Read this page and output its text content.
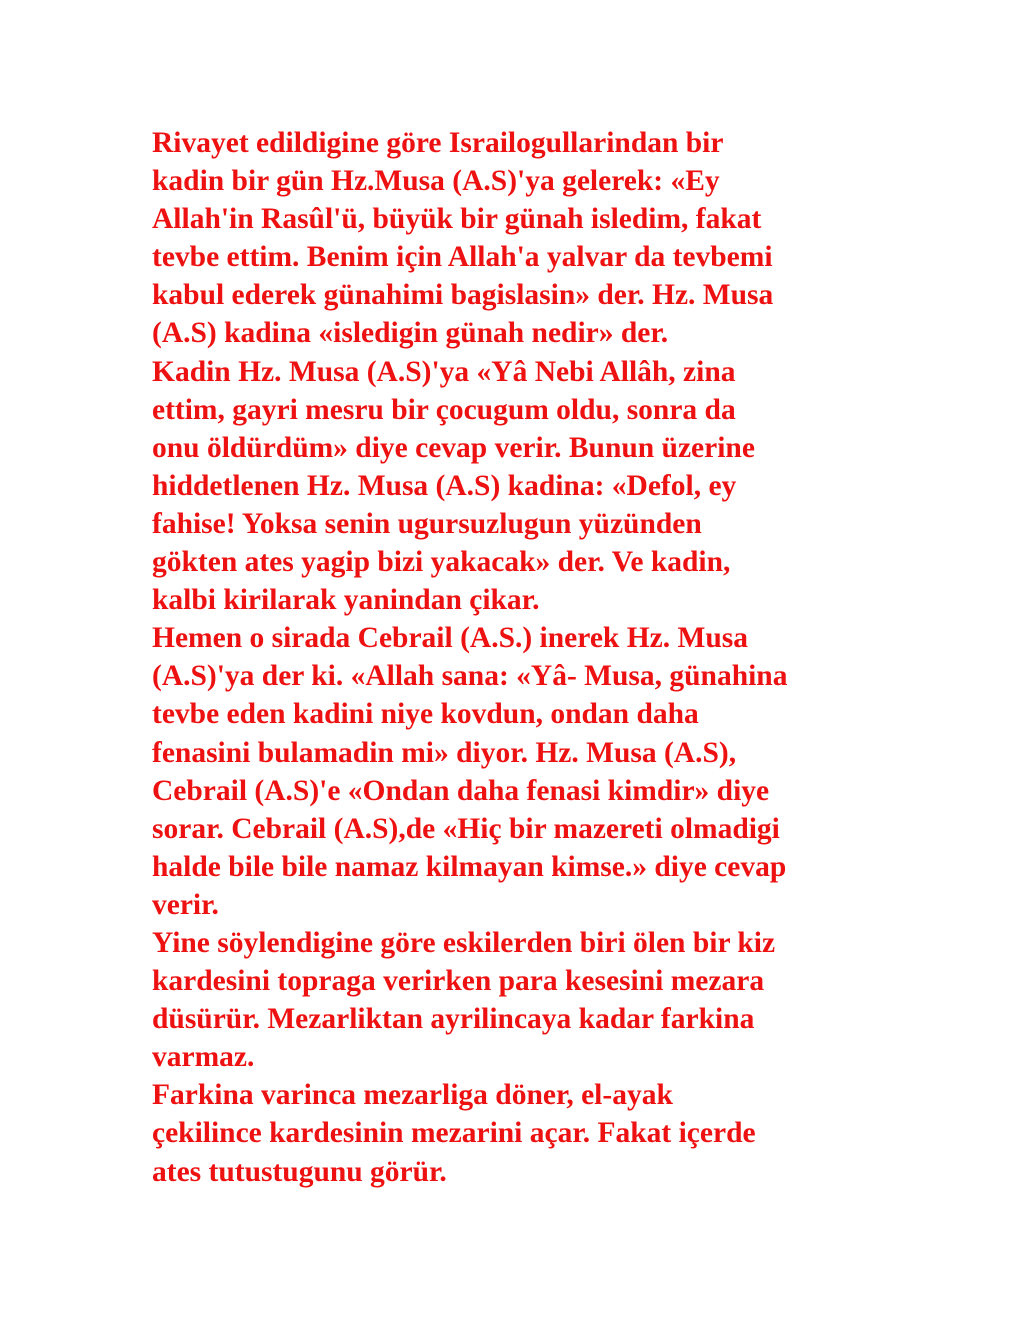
Rivayet edildigine göre Israilogullarindan bir
kadin bir gün Hz.Musa (A.S)'ya gelerek: «Ey
Allah'in Rasûl'ü, büyük bir günah isledim, fakat
tevbe ettim. Benim için Allah'a yalvar da tevbemi
kabul ederek günahimi bagislasin» der. Hz. Musa
(A.S) kadina «isledigin günah nedir» der.
Kadin Hz. Musa (A.S)'ya «Yâ Nebi Allâh, zina
ettim, gayri mesru bir çocugum oldu, sonra da
onu öldürdüm» diye cevap verir. Bunun üzerine
hiddetlenen Hz. Musa (A.S) kadina: «Defol, ey
fahise! Yoksa senin ugursuzlugun yüzünden
gökten ates yagip bizi yakacak» der. Ve kadin,
kalbi kirilarak yanindan çikar.
Hemen o sirada Cebrail (A.S.) inerek Hz. Musa
(A.S)'ya der ki. «Allah sana: «Yâ- Musa, günahina
tevbe eden kadini niye kovdun, ondan daha
fenasini bulamadin mi» diyor. Hz. Musa (A.S),
Cebrail (A.S)'e «Ondan daha fenasi kimdir» diye
sorar. Cebrail (A.S),de «Hiç bir mazereti olmadigi
halde bile bile namaz kilmayan kimse.» diye cevap
verir.
Yine söylendigine göre eskilerden biri ölen bir kiz
kardesini topraga verirken para kesesini mezara
düsürür. Mezarliktan ayrilincaya kadar farkina
varmaz.
Farkina varinca mezarliga döner, el-ayak
çekilince kardesinin mezarini açar. Fakat içerde
ates tutustugunu görür.
